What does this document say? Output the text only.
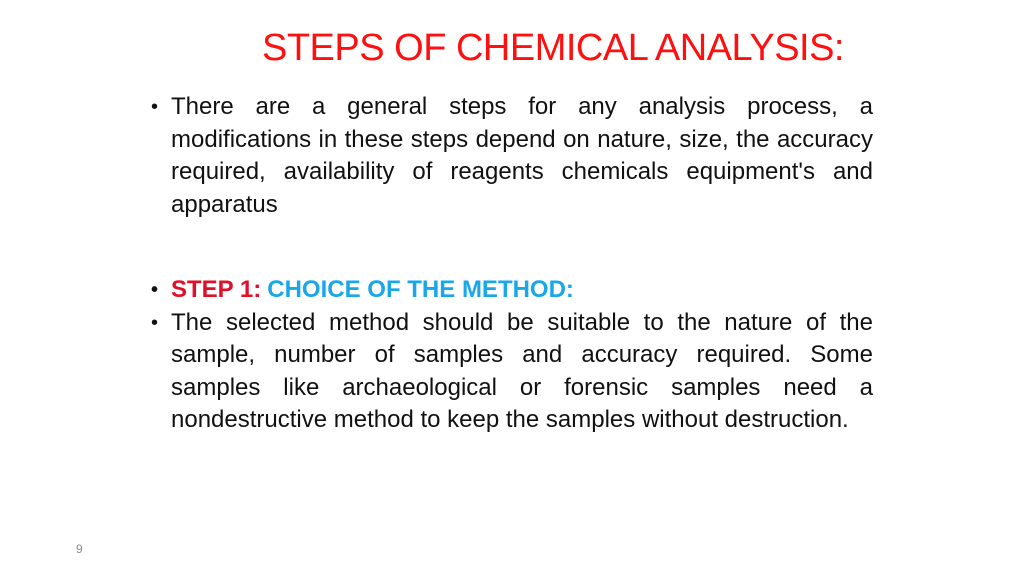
STEPS OF CHEMICAL ANALYSIS:
• There are a general steps for any analysis process, a modifications in these steps depend on nature, size, the accuracy required, availability of reagents chemicals equipment's and apparatus
• STEP 1: CHOICE OF THE METHOD:
• The selected method should be suitable to the nature of the sample, number of samples and accuracy required. Some samples like archaeological or forensic samples need a nondestructive method to keep the samples without destruction.
9
